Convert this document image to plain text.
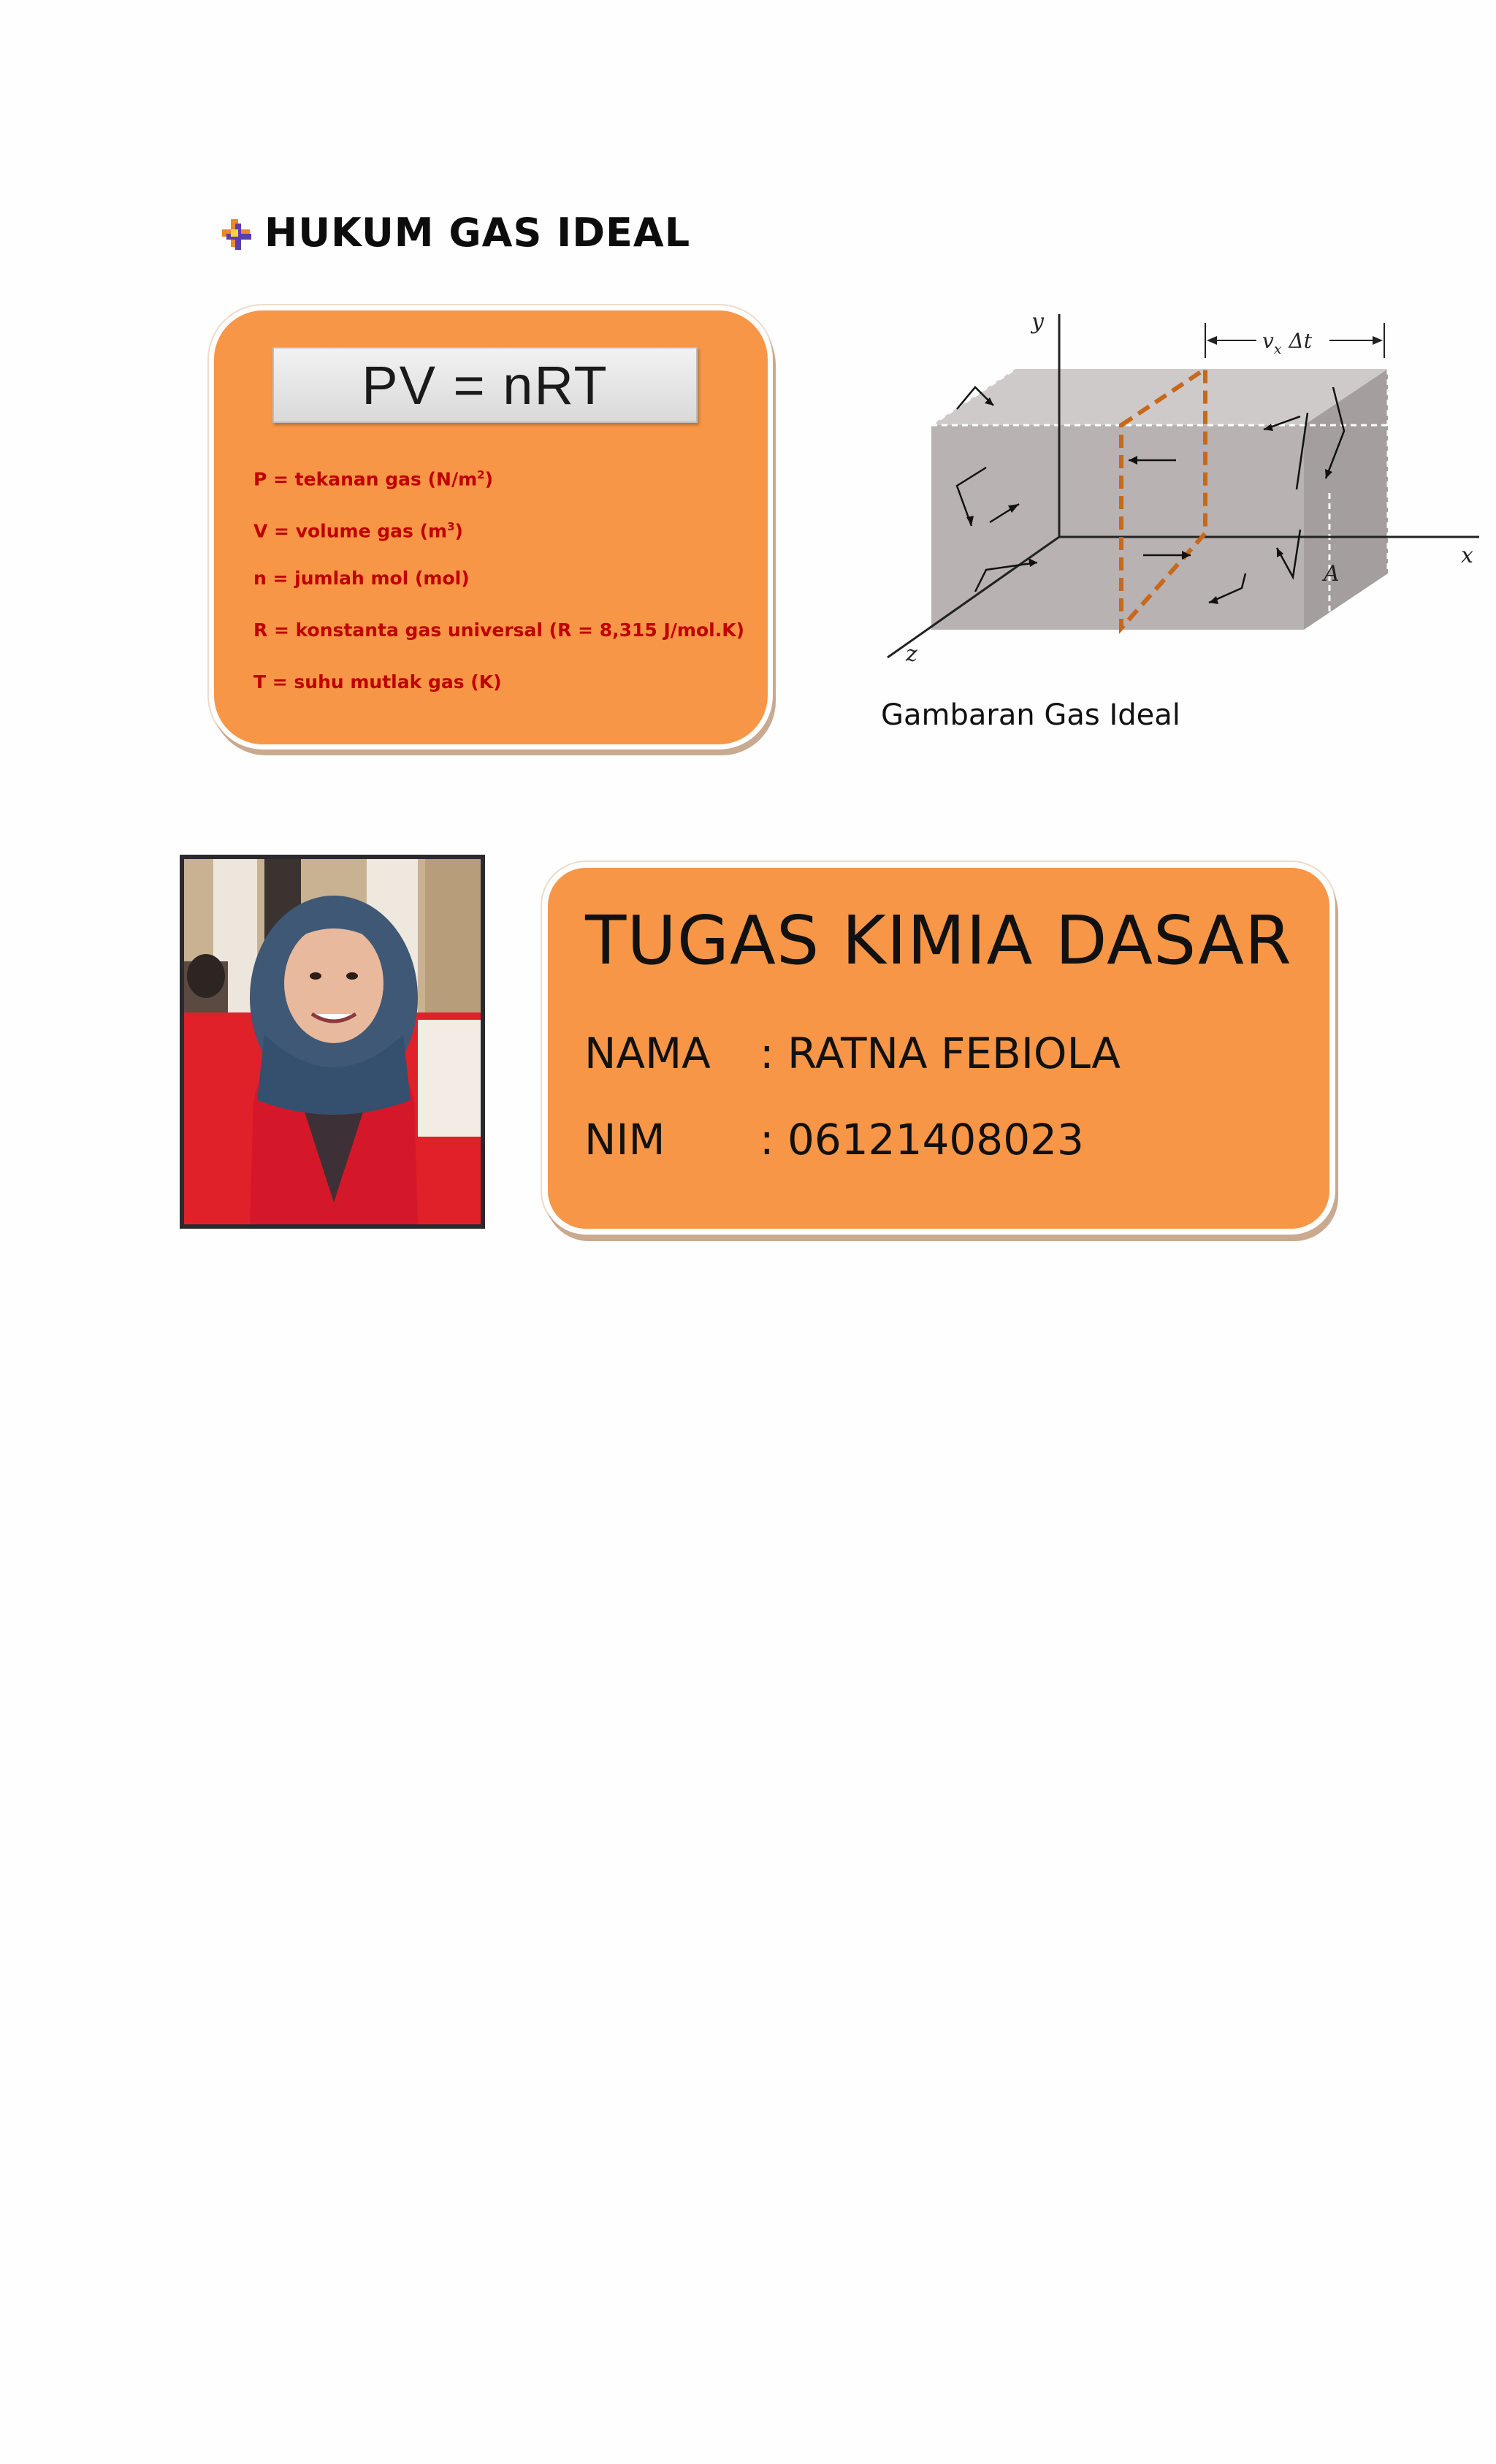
HUKUM GAS IDEAL
PV = nRT
P = tekanan gas $(N/m^2)$
V = volume gas $(m^3)$
n = jumlah mol (mol)
R = konstanta gas universal (R = 8,315 J/mol.K)
T = suhu mutlak gas (K)
y
x
z
A
$v_x$ Δt
Gambaran Gas Ideal
TUGAS KIMIA DASAR
NAMA	: RATNA FEBIOLA
NIM	: 06121408023
